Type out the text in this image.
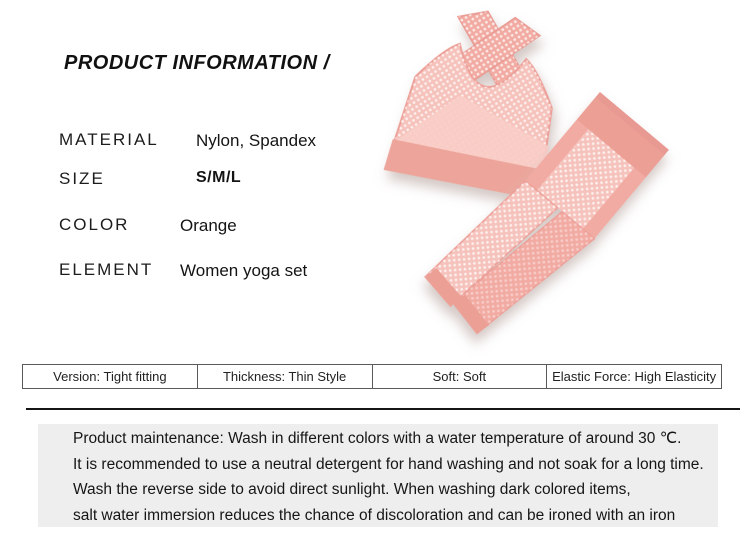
PRODUCT INFORMATION /
MATERIAL Nylon, Spandex
SIZE	S/M/L
COLOR	Orange
ELEMENT Women yoga set
Version: Tight fitting	Thickness: Thin Style	Soft: Soft	Elastic Force: High Elasticity
Product maintenance: Wash in different colors with a water temperature of around 30 ℃.
It is recommended to use a neutral detergent for hand washing and not soak for a long time.
Wash the reverse side to avoid direct sunlight. When washing dark colored items,
salt water immersion reduces the chance of discoloration and can be ironed with an iron
